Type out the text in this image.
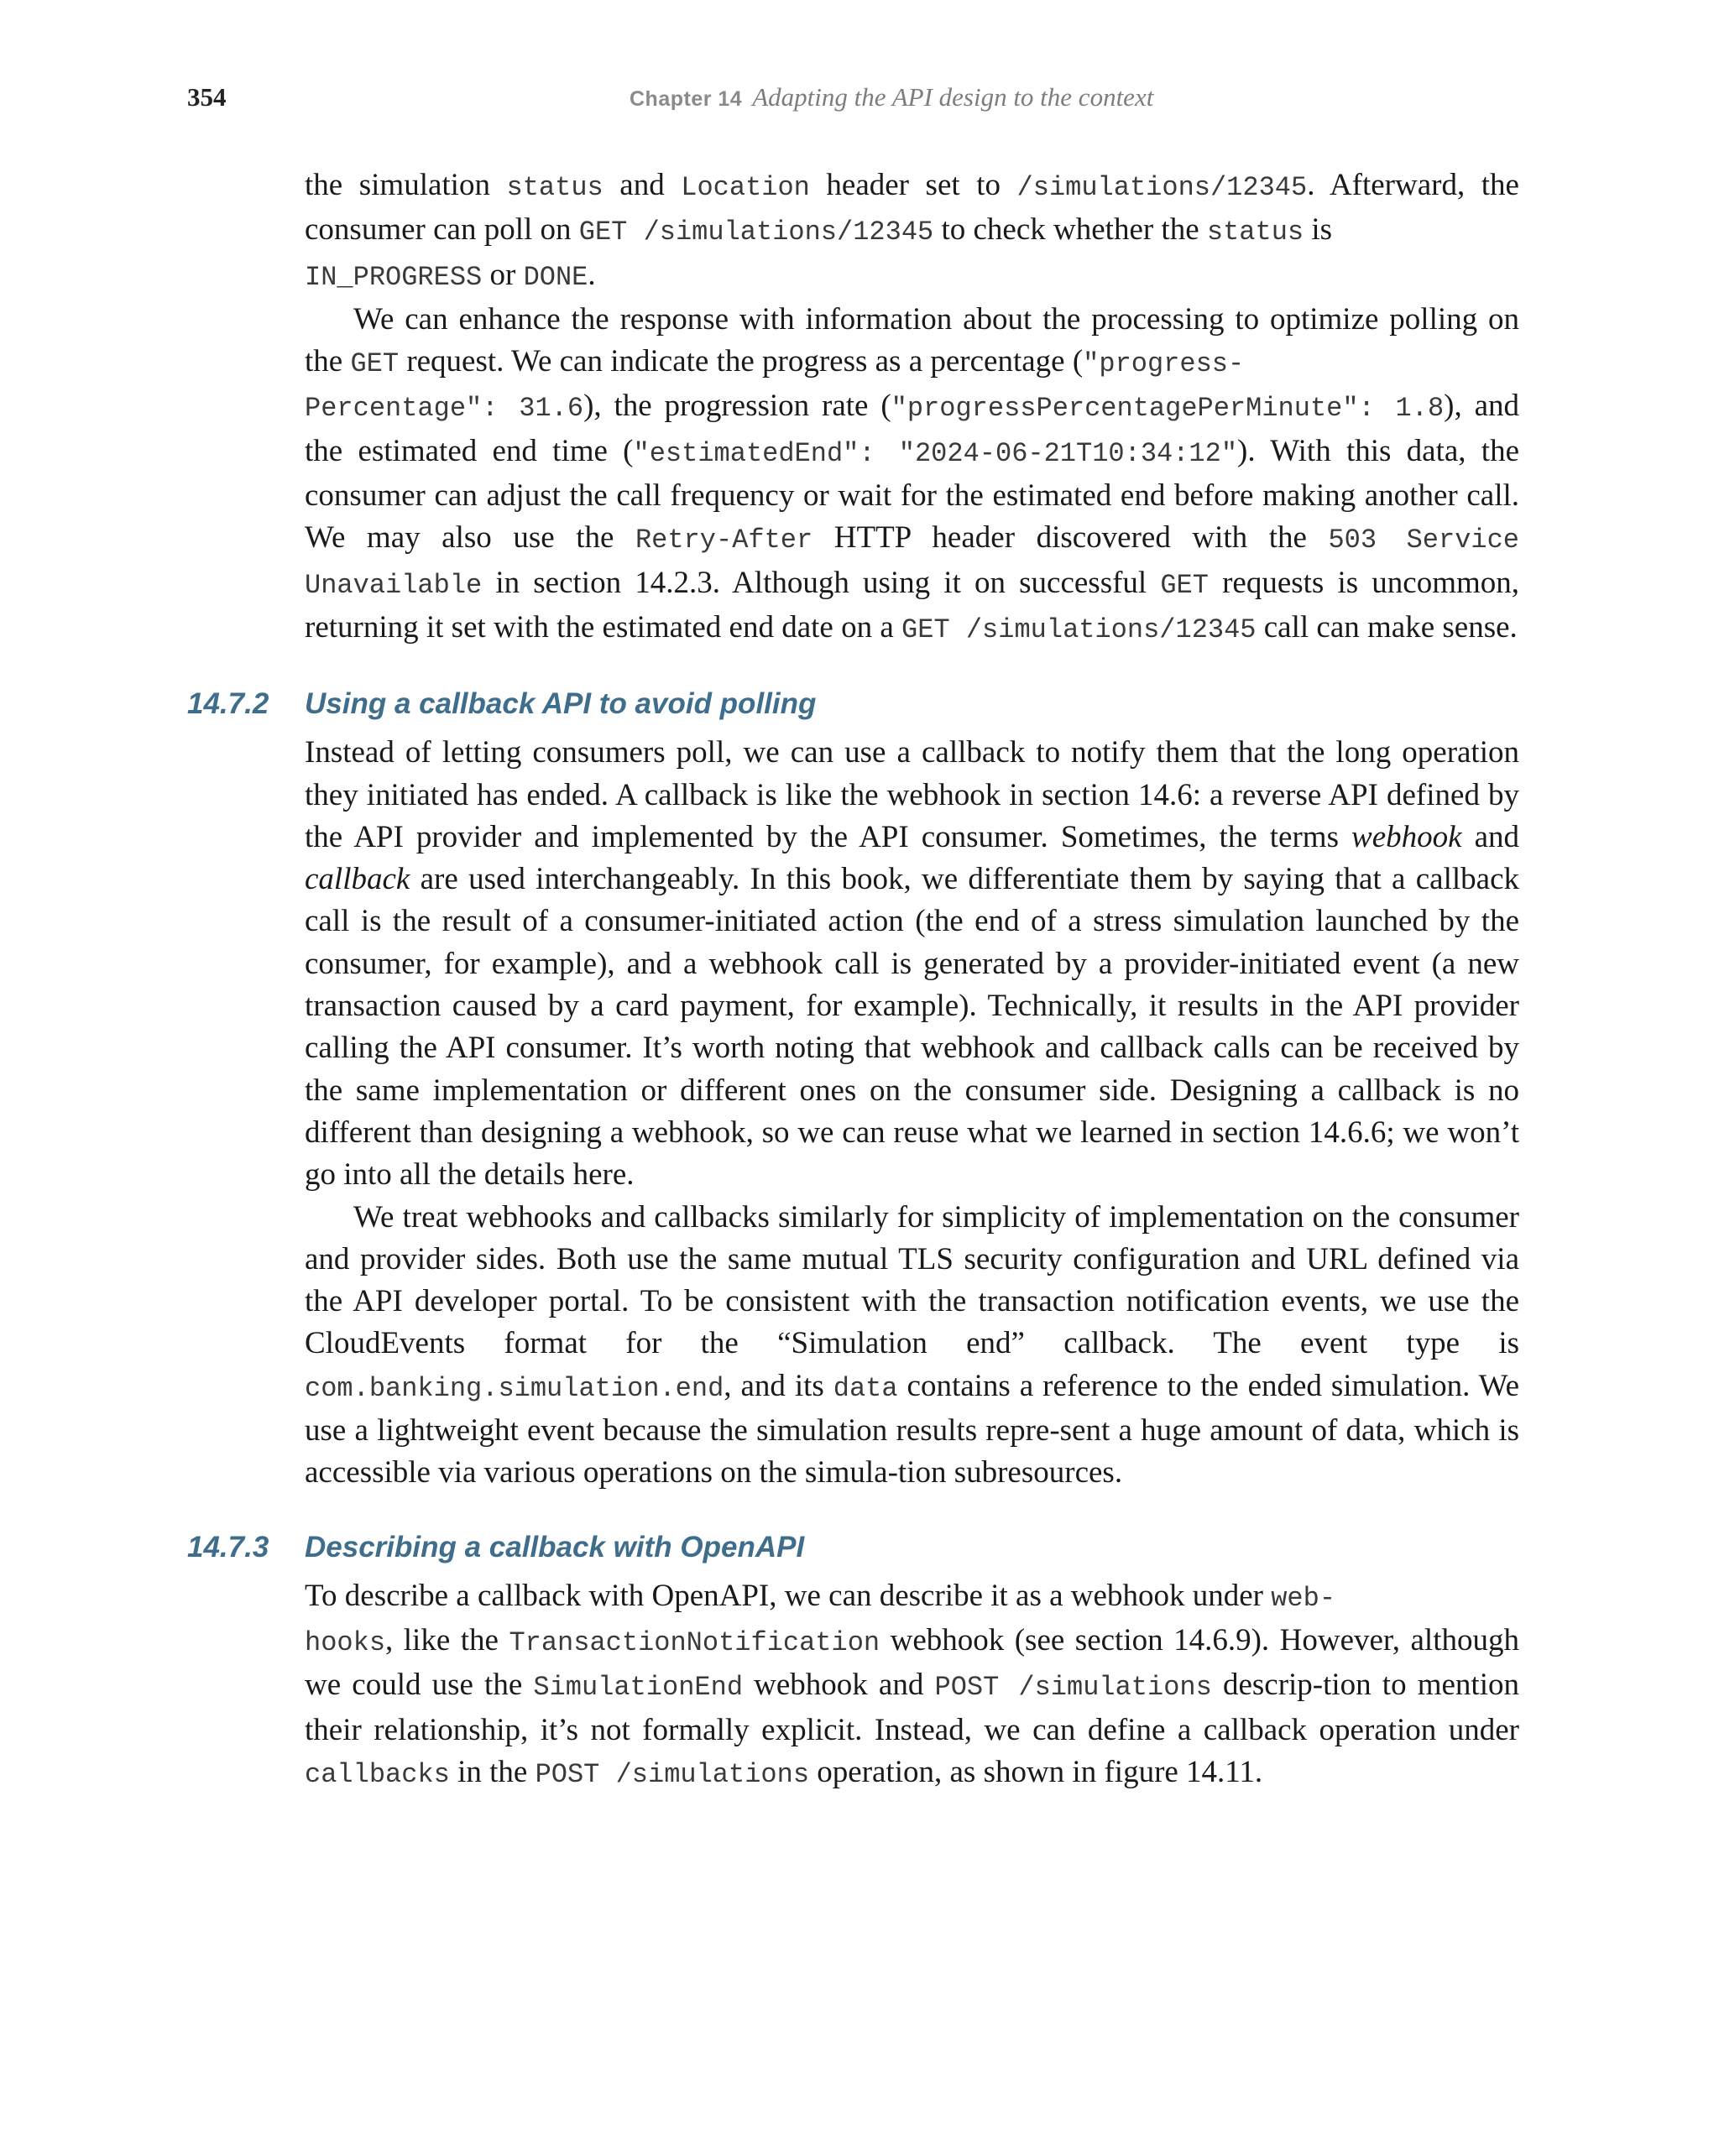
354	Chapter 14 Adapting the API design to the context

the simulation status and Location header set to /simulations/12345. Afterward, the consumer can poll on GET /simulations/12345 to check whether the status is
IN_PROGRESS or DONE.

We can enhance the response with information about the processing to optimize polling on the GET request. We can indicate the progress as a percentage ("progress-
Percentage": 31.6), the progression rate ("progressPercentagePerMinute": 1.8), and the estimated end time ("estimatedEnd": "2024-06-21T10:34:12"). With this data, the consumer can adjust the call frequency or wait for the estimated end before making another call. We may also use the Retry-After HTTP header discovered with the 503 Service Unavailable in section 14.2.3. Although using it on successful GET requests is uncommon, returning it set with the estimated end date on a GET /simulations/12345 call can make sense.

14.7.2 Using a callback API to avoid polling

Instead of letting consumers poll, we can use a callback to notify them that the long operation they initiated has ended. A callback is like the webhook in section 14.6: a reverse API defined by the API provider and implemented by the API consumer. Sometimes, the terms webhook and callback are used interchangeably. In this book, we differentiate them by saying that a callback call is the result of a consumer-initiated action (the end of a stress simulation launched by the consumer, for example), and a webhook call is generated by a provider-initiated event (a new transaction caused by a card payment, for example). Technically, it results in the API provider calling the API consumer. It’s worth noting that webhook and callback calls can be received by the same implementation or different ones on the consumer side. Designing a callback is no different than designing a webhook, so we can reuse what we learned in section 14.6.6; we won’t go into all the details here.

We treat webhooks and callbacks similarly for simplicity of implementation on the consumer and provider sides. Both use the same mutual TLS security configuration and URL defined via the API developer portal. To be consistent with the transaction notification events, we use the CloudEvents format for the “Simulation end” callback. The event type is com.banking.simulation.end, and its data contains a reference to the ended simulation. We use a lightweight event because the simulation results repre-sent a huge amount of data, which is accessible via various operations on the simula-tion subresources.

14.7.3 Describing a callback with OpenAPI

To describe a callback with OpenAPI, we can describe it as a webhook under web-
hooks, like the TransactionNotification webhook (see section 14.6.9). However, although we could use the SimulationEnd webhook and POST /simulations descrip-tion to mention their relationship, it’s not formally explicit. Instead, we can define a callback operation under callbacks in the POST /simulations operation, as shown in figure 14.11.
